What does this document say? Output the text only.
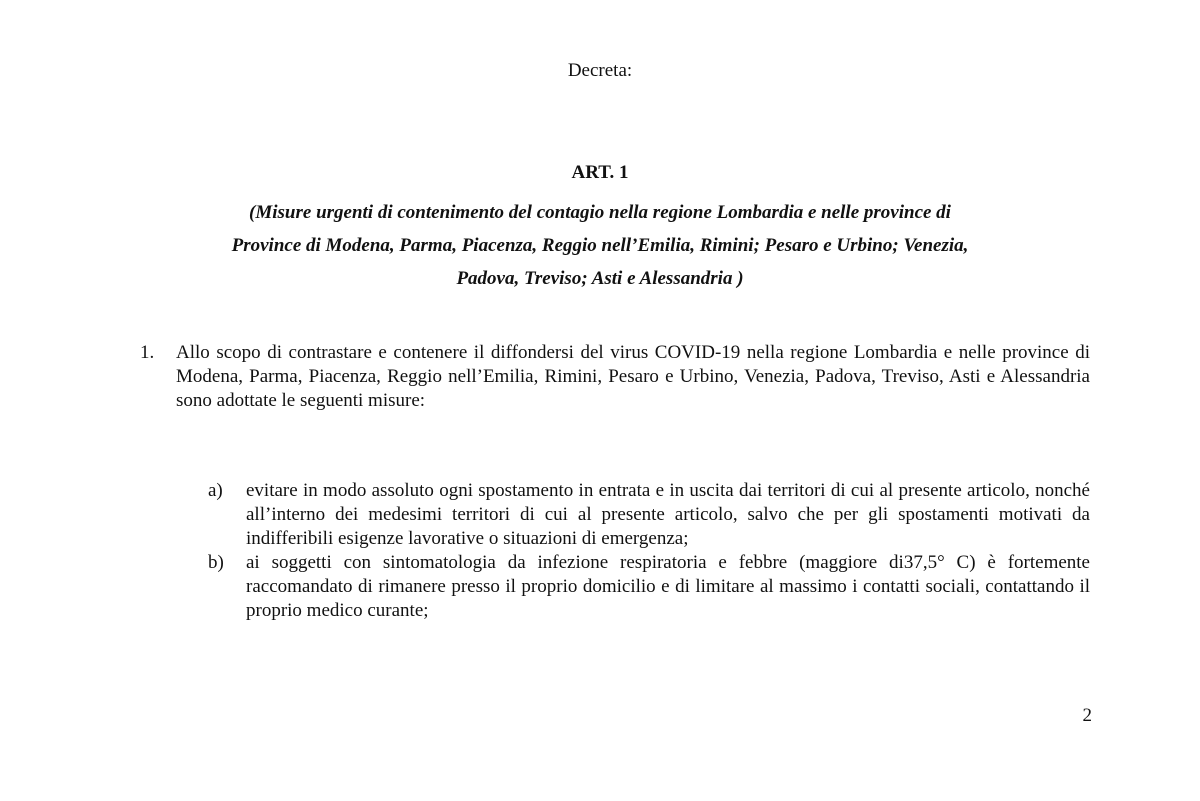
Decreta:
ART. 1
(Misure urgenti di contenimento del contagio nella regione Lombardia e nelle province di
Province di Modena, Parma, Piacenza, Reggio nell’Emilia, Rimini; Pesaro e Urbino; Venezia,
Padova, Treviso; Asti e Alessandria )
1.	Allo scopo di contrastare e contenere il diffondersi del virus COVID-19 nella regione Lombardia e nelle province di Modena, Parma, Piacenza, Reggio nell’Emilia, Rimini, Pesaro e Urbino, Venezia, Padova, Treviso, Asti e Alessandria sono adottate le seguenti misure:
a)	evitare in modo assoluto ogni spostamento in entrata e in uscita dai territori di cui al presente articolo, nonché all’interno dei medesimi territori di cui al presente articolo, salvo che per gli spostamenti motivati da indifferibili esigenze lavorative o situazioni di emergenza;
b)	ai soggetti con sintomatologia da infezione respiratoria e febbre (maggiore di37,5° C) è fortemente raccomandato di rimanere presso il proprio domicilio e di limitare al massimo i contatti sociali, contattando il proprio medico curante;
2
